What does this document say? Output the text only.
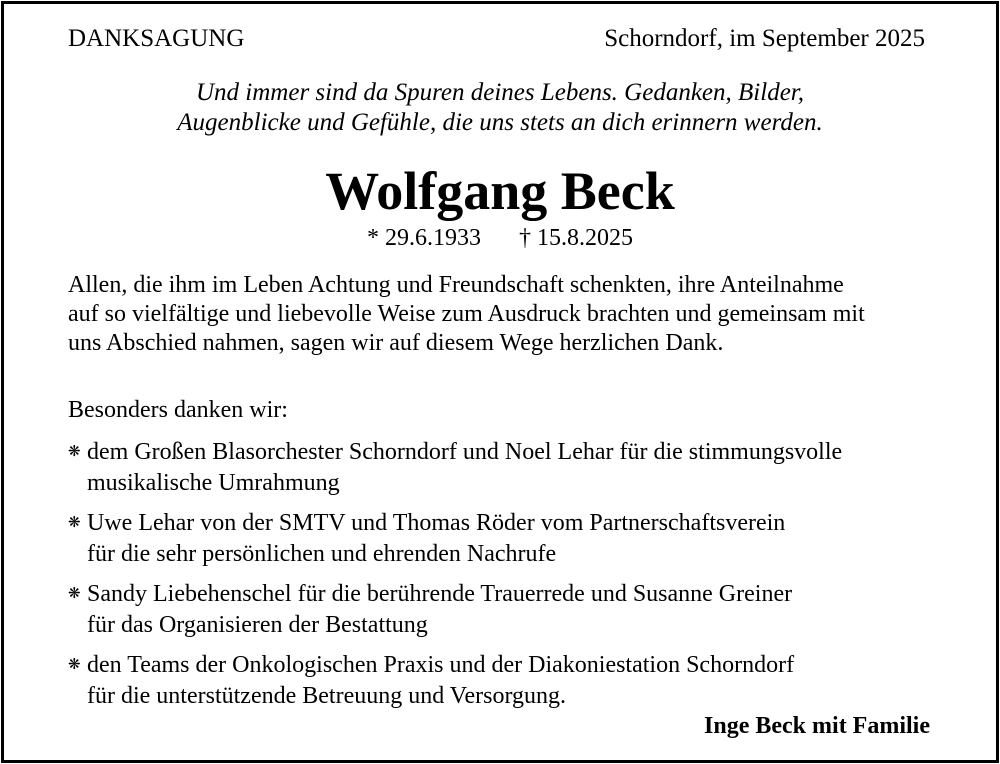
DANKSAGUNG	Schorndorf, im September 2025
Und immer sind da Spuren deines Lebens. Gedanken, Bilder,
Augenblicke und Gefühle, die uns stets an dich erinnern werden.
Wolfgang Beck
* 29.6.1933 † 15.8.2025
Allen, die ihm im Leben Achtung und Freundschaft schenkten, ihre Anteilnahme
auf so vielfältige und liebevolle Weise zum Ausdruck brachten und gemeinsam mit
uns Abschied nahmen, sagen wir auf diesem Wege herzlichen Dank.
Besonders danken wir:
❋ dem Großen Blasorchester Schorndorf und Noel Lehar für die stimmungsvolle
musikalische Umrahmung
❋ Uwe Lehar von der SMTV und Thomas Röder vom Partnerschaftsverein
für die sehr persönlichen und ehrenden Nachrufe
❋ Sandy Liebehenschel für die berührende Trauerrede und Susanne Greiner
für das Organisieren der Bestattung
❋ den Teams der Onkologischen Praxis und der Diakoniestation Schorndorf
für die unterstützende Betreuung und Versorgung.
Inge Beck mit Familie
